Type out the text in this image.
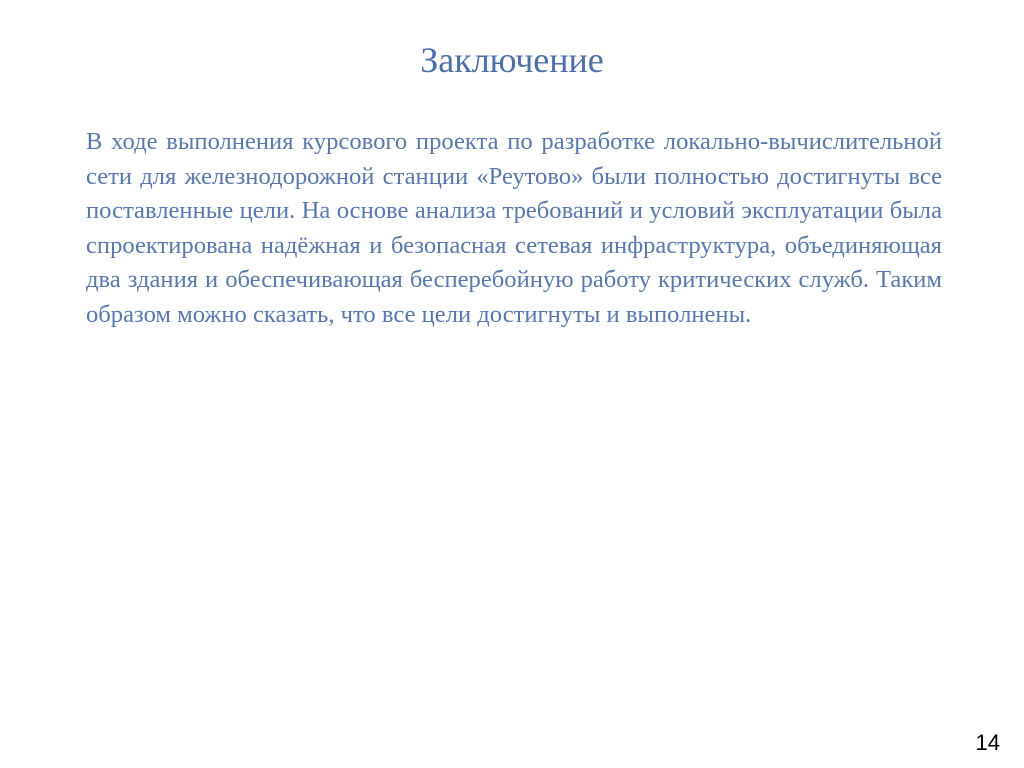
Заключение

В ходе выполнения курсового проекта по разработке локально-вычислительной сети для железнодорожной станции «Реутово» были полностью достигнуты все поставленные цели. На основе анализа требований и условий эксплуатации была спроектирована надёжная и безопасная сетевая инфраструктура, объединяющая два здания и обеспечивающая бесперебойную работу критических служб. Таким образом можно сказать, что все цели достигнуты и выполнены.

14
